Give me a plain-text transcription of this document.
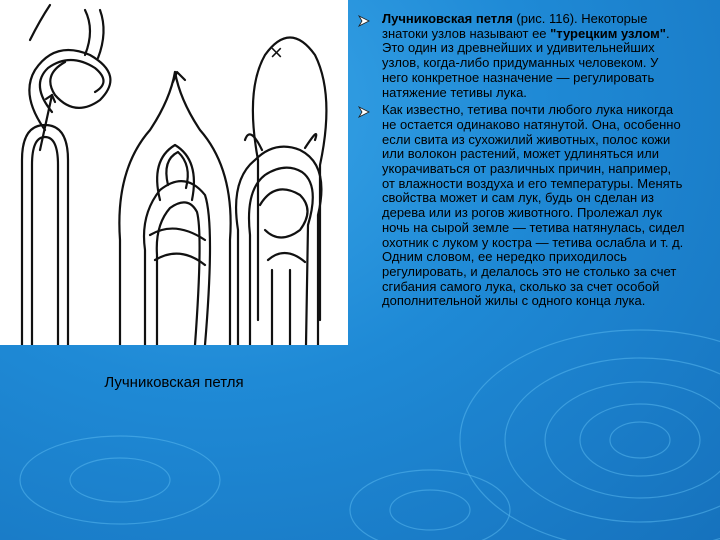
×
Лучниковская петля
Лучниковская петля (рис. 116). Некоторые знатоки узлов называют ее "турецким узлом". Это один из древнейших и удивительнейших узлов, когда-либо придуманных человеком. У него конкретное назначение — регулировать натяжение тетивы лука.
Как известно, тетива почти любого лука никогда не остается одинаково натянутой. Она, особенно если свита из сухожилий животных, полос кожи или волокон растений, может удлиняться или укорачиваться от различных причин, например, от влажности воздуха и его температуры. Менять свойства может и сам лук, будь он сделан из дерева или из рогов животного. Пролежал лук ночь на сырой земле — тетива натянулась, сидел охотник с луком у костра — тетива ослабла и т. д. Одним словом, ее нередко приходилось регулировать, и делалось это не столько за счет сгибания самого лука, сколько за счет особой дополнительной жилы с одного конца лука.
